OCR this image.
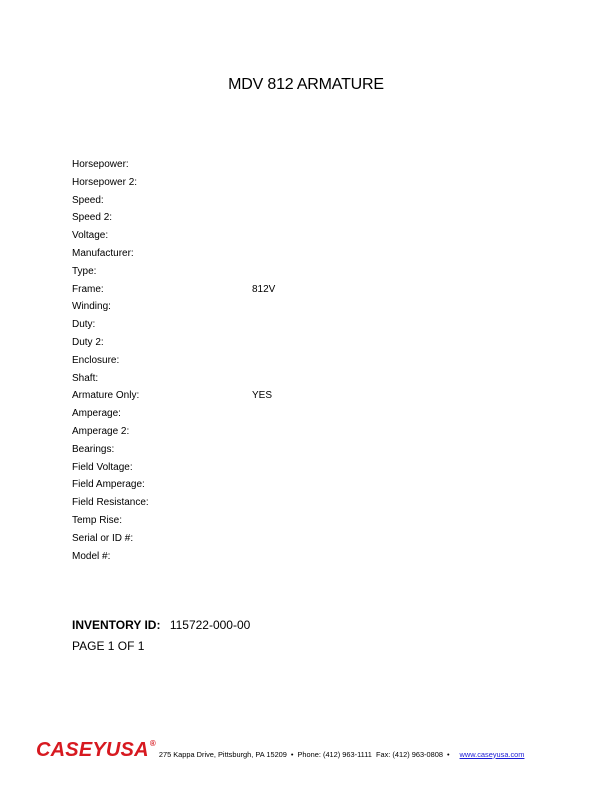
MDV 812 ARMATURE
Horsepower:
Horsepower 2:
Speed:
Speed 2:
Voltage:
Manufacturer:
Type:
Frame:	812V
Winding:
Duty:
Duty 2:
Enclosure:
Shaft:
Armature Only:	YES
Amperage:
Amperage 2:
Bearings:
Field Voltage:
Field Amperage:
Field Resistance:
Temp Rise:
Serial or ID #:
Model #:
INVENTORY ID: 115722-000-00
PAGE 1 OF 1
CASEYUSA®
275 Kappa Drive, Pittsburgh, PA 15209 • Phone: (412) 963-1111 Fax: (412) 963-0808 • www.caseyusa.com
